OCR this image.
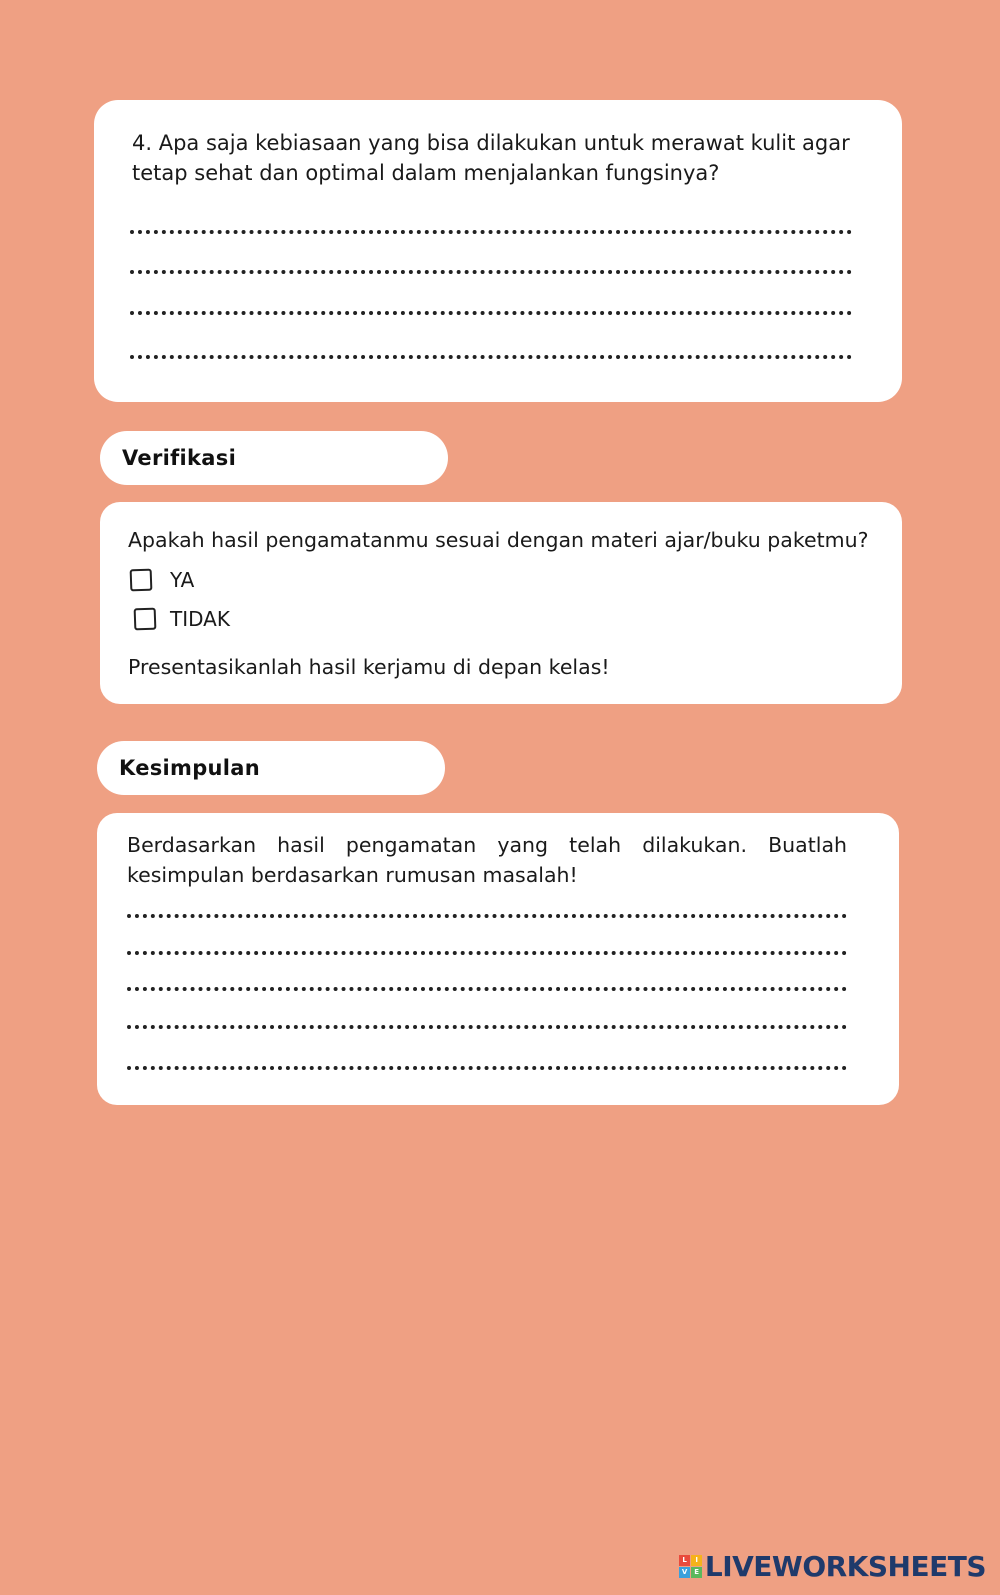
4. Apa saja kebiasaan yang bisa dilakukan untuk merawat kulit agar tetap sehat dan optimal dalam menjalankan fungsinya?
Verifikasi
Apakah hasil pengamatanmu sesuai dengan materi ajar/buku paketmu?
YA
TIDAK
Presentasikanlah hasil kerjamu di depan kelas!
Kesimpulan
Berdasarkan hasil pengamatan yang telah dilakukan. Buatlah kesimpulan berdasarkan rumusan masalah!
L	I
V	E LIVEWORKSHEETS
